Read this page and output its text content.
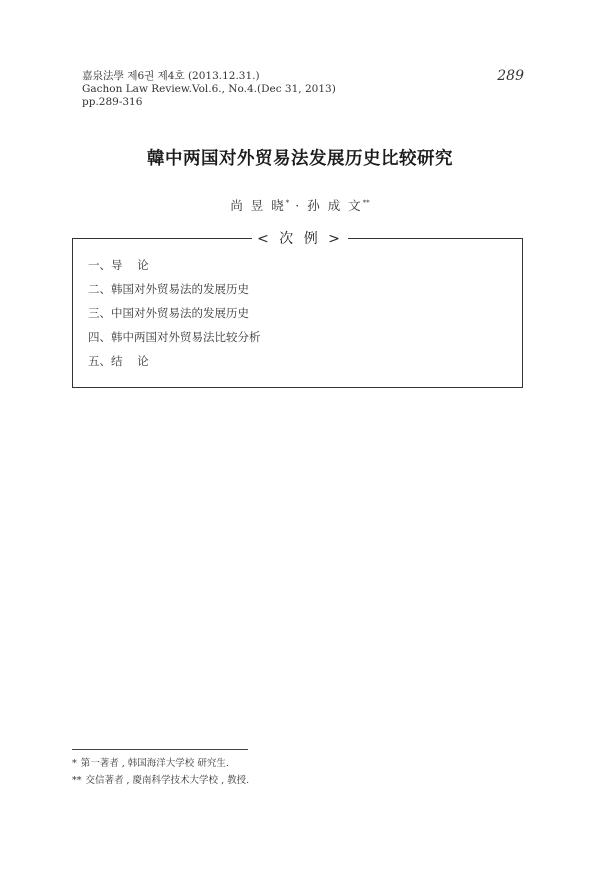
嘉泉法學 제6권 제4호 (2013.12.31.)
Gachon Law Review.Vol.6., No.4.(Dec 31, 2013)
pp.289-316
289
韓中两国对外贸易法发展历史比较研究
尚 昱 晓* · 孙 成 文**
< 次 例 >
一、导    论
二、韩国对外贸易法的发展历史
三、中国对外贸易法的发展历史
四、韩中两国对外贸易法比较分析
五、结    论
* 第一著者 , 韩国海洋大学校 研究生.
** 交信著者 , 慶南科学技术大学校 , 教授.
